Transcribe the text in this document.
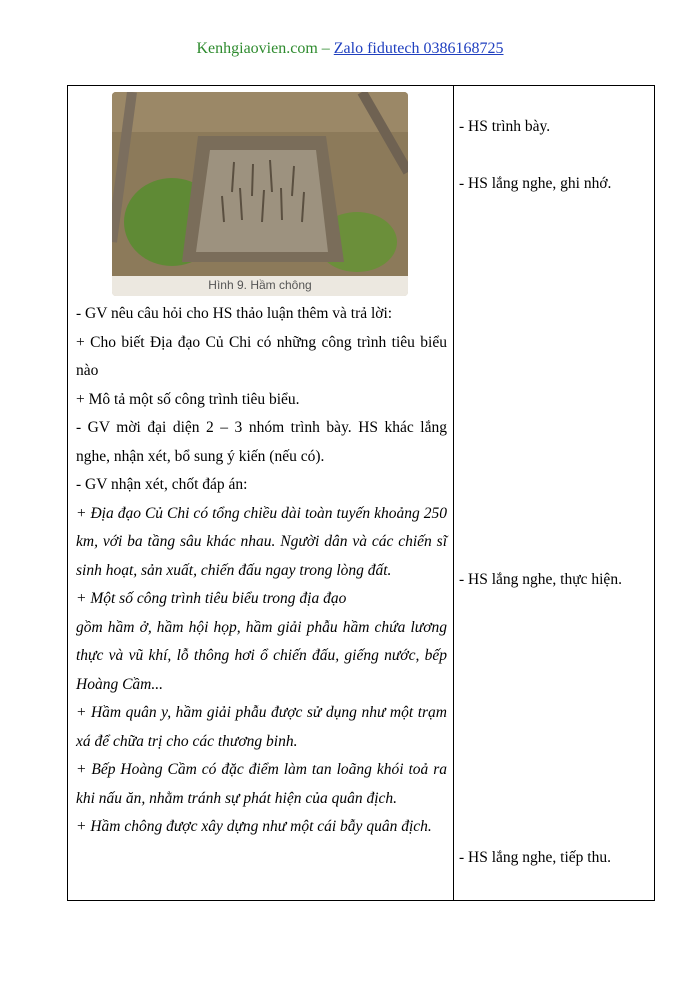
Kenhgiaovien.com – Zalo fidutech 0386168725
Hình 9. Hầm chông

- GV nêu câu hỏi cho HS thảo luận thêm và trả lời:

+ Cho biết Địa đạo Củ Chi có những công trình tiêu biểu nào

+ Mô tả một số công trình tiêu biểu.

- GV mời đại diện 2 – 3 nhóm trình bày. HS khác lắng nghe, nhận xét, bổ sung ý kiến (nếu có).

- GV nhận xét, chốt đáp án:

+ Địa đạo Củ Chi có tổng chiều dài toàn tuyến khoảng 250 km, với ba tầng sâu khác nhau. Người dân và các chiến sĩ sinh hoạt, sản xuất, chiến đấu ngay trong lòng đất.

+ Một số công trình tiêu biểu trong địa đạo

gồm hầm ở, hầm hội họp, hầm giải phẫu hầm chứa lương thực và vũ khí, lỗ thông hơi ổ chiến đấu, giếng nước, bếp Hoàng Cầm...

+ Hầm quân y, hầm giải phẫu được sử dụng như một trạm xá để chữa trị cho các thương binh.

+ Bếp Hoàng Cầm có đặc điểm làm tan loãng khói toả ra khi nấu ăn, nhằm tránh sự phát hiện của quân địch.

+ Hầm chông được xây dựng như một cái bẫy quân địch.

- HS trình bày.
- HS lắng nghe, ghi nhớ.
- HS lắng nghe, thực hiện.
- HS lắng nghe, tiếp thu.
